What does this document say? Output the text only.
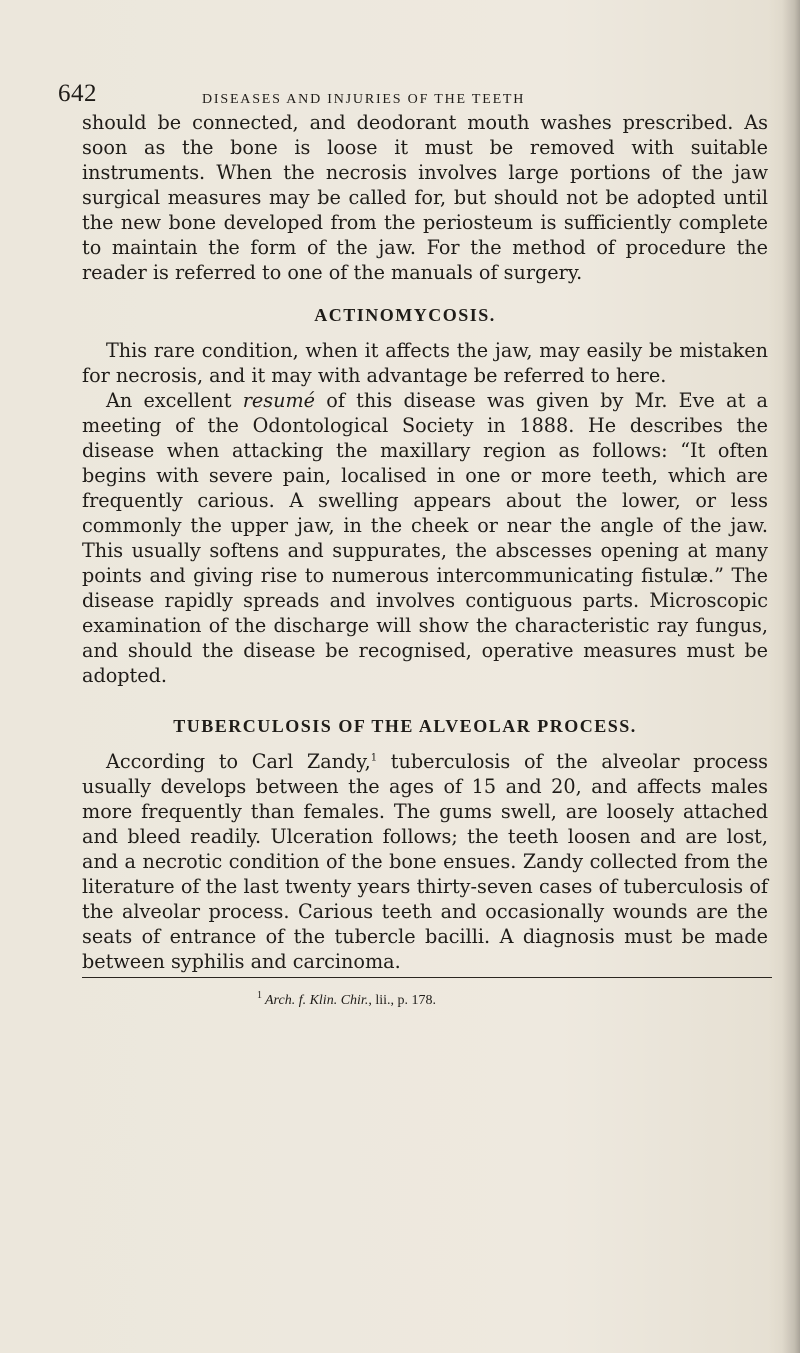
642	DISEASES AND INJURIES OF THE TEETH

should be connected, and deodorant mouth washes prescribed. As soon as the bone is loose it must be removed with suitable instruments. When the necrosis involves large portions of the jaw surgical measures may be called for, but should not be adopted until the new bone developed from the periosteum is sufficiently complete to maintain the form of the jaw. For the method of procedure the reader is referred to one of the manuals of surgery.

ACTINOMYCOSIS.

This rare condition, when it affects the jaw, may easily be mistaken for necrosis, and it may with advantage be referred to here.

An excellent resumé of this disease was given by Mr. Eve at a meeting of the Odontological Society in 1888. He describes the disease when attacking the maxillary region as follows: “It often begins with severe pain, localised in one or more teeth, which are frequently carious. A swelling appears about the lower, or less commonly the upper jaw, in the cheek or near the angle of the jaw. This usually softens and suppurates, the abscesses opening at many points and giving rise to numerous intercommunicating fistulæ.” The disease rapidly spreads and involves contiguous parts. Microscopic examination of the discharge will show the characteristic ray fungus, and should the disease be recognised, operative measures must be adopted.

TUBERCULOSIS OF THE ALVEOLAR PROCESS.

According to Carl Zandy,$^1$ tuberculosis of the alveolar process usually develops between the ages of 15 and 20, and affects males more frequently than females. The gums swell, are loosely attached and bleed readily. Ulceration follows; the teeth loosen and are lost, and a necrotic condition of the bone ensues. Zandy collected from the literature of the last twenty years thirty-seven cases of tuberculosis of the alveolar process. Carious teeth and occasionally wounds are the seats of entrance of the tubercle bacilli. A diagnosis must be made between syphilis and carcinoma.

$^1$ Arch. f. Klin. Chir., lii., p. 178.
